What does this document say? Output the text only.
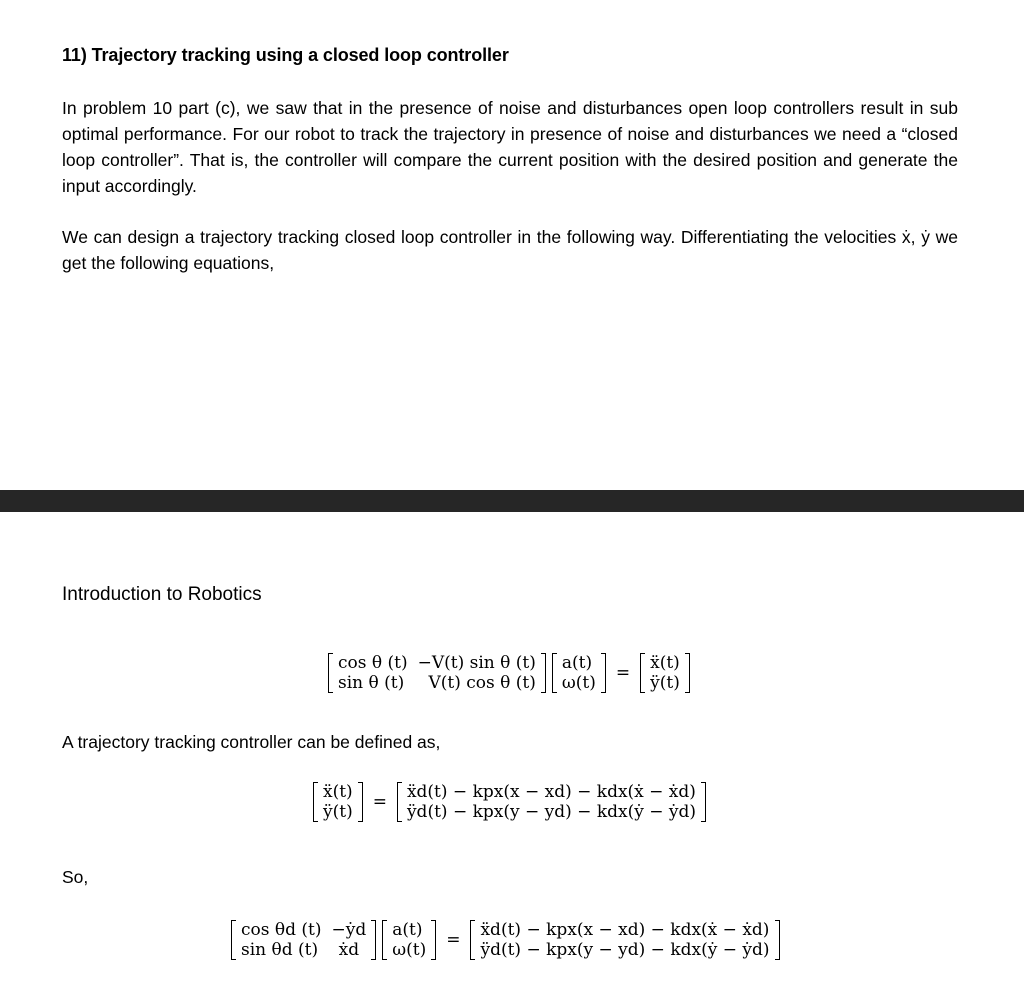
11) Trajectory tracking using a closed loop controller
In problem 10 part (c), we saw that in the presence of noise and disturbances open loop controllers result in sub optimal performance. For our robot to track the trajectory in presence of noise and disturbances we need a “closed loop controller”. That is, the controller will compare the current position with the desired position and generate the input accordingly.
We can design a trajectory tracking closed loop controller in the following way. Differentiating the velocities ẋ, ẏ we get the following equations,
Introduction to Robotics
cos θ (t)
sin θ (t)
−V(t) sin θ (t)
V(t) cos θ (t)
a(t)
ω(t) = ẍ(t)
ÿ(t)
A trajectory tracking controller can be defined as,
ẍ(t)
ÿ(t) = ẍd(t) − kpx(x − xd) − kdx(ẋ − ẋd)
ÿd(t) − kpx(y − yd) − kdx(ẏ − ẏd)
So,
cos θd (t)
sin θd (t)
−ẏd
ẋd
a(t)
ω(t) = ẍd(t) − kpx(x − xd) − kdx(ẋ − ẋd)
ÿd(t) − kpx(y − yd) − kdx(ẏ − ẏd)
